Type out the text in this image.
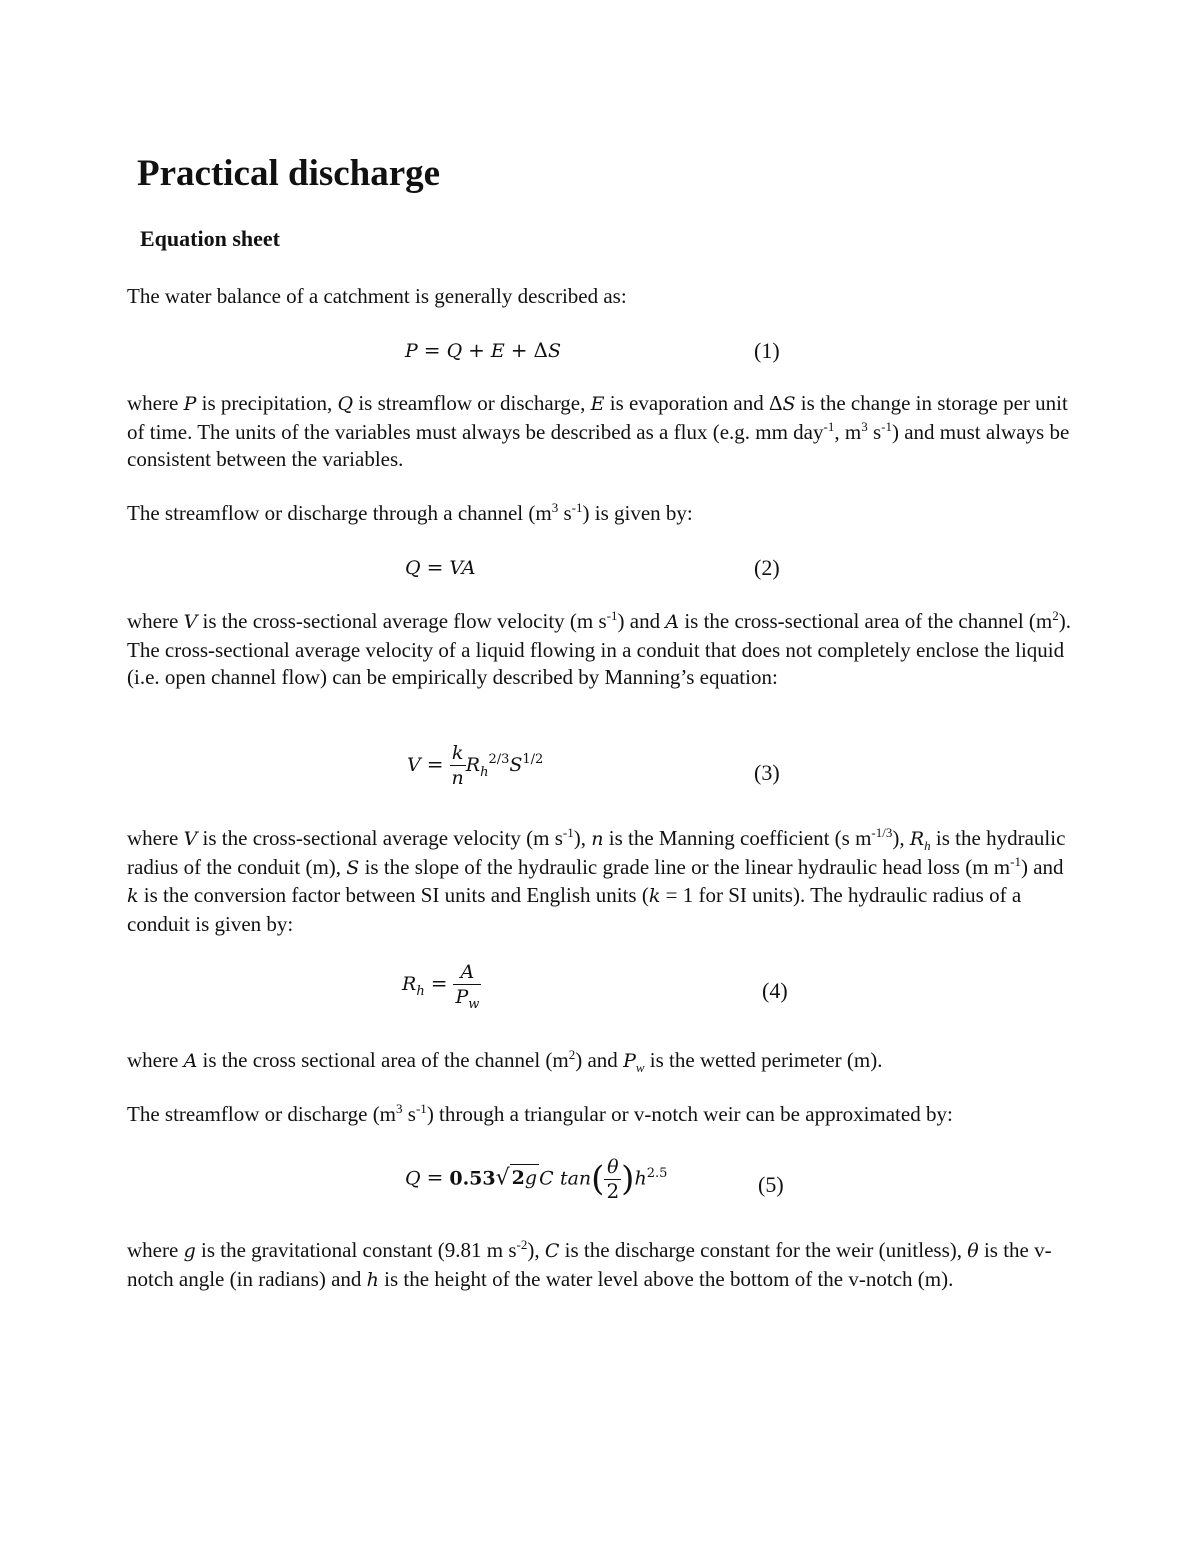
Practical discharge
Equation sheet

The water balance of a catchment is generally described as:

P = Q + E + ΔS	(1)

where P is precipitation, Q is streamflow or discharge, E is evaporation and ΔS is the change in storage per unit of time. The units of the variables must always be described as a flux (e.g. mm day$^{-1}$, $m^3$ $s^{-1}$) and must always be consistent between the variables.

The streamflow or discharge through a channel ($m^3$ $s^{-1}$) is given by:

Q = VA	(2)

where V is the cross-sectional average flow velocity (m $s^{-1}$) and A is the cross-sectional area of the channel $(m^2)$. The cross-sectional average velocity of a liquid flowing in a conduit that does not completely enclose the liquid (i.e. open channel flow) can be empirically described by Manning’s equation:

$V = \frac{k}{n} R_h^{2/3}S^{1/2}$
(3)

where V is the cross-sectional average velocity (m $s^{-1}$), n is the Manning coefficient (s $m^{-1/3}$), $R_h$ is the hydraulic radius of the conduit (m), S is the slope of the hydraulic grade line or the linear hydraulic head loss (m $m^{-1}$) and k is the conversion factor between SI units and English units (k = 1 for SI units). The hydraulic radius of a conduit is given by:

$R_h = \frac{A}{P_w}$	(4)

where A is the cross sectional area of the channel $(m^2)$ and $P_w$ is the wetted perimeter (m).

The streamflow or discharge ($m^3$ $s^{-1}$) through a triangular or v-notch weir can be approximated by:

Q = 0.53√ 2g C $\tan( \frac{\theta}{2} )h^{2.5}$	(5)

where g is the gravitational constant (9.81 m $s^{-2}$), C is the discharge constant for the weir (unitless), θ is the v-notch angle (in radians) and h is the height of the water level above the bottom of the v-notch (m).
